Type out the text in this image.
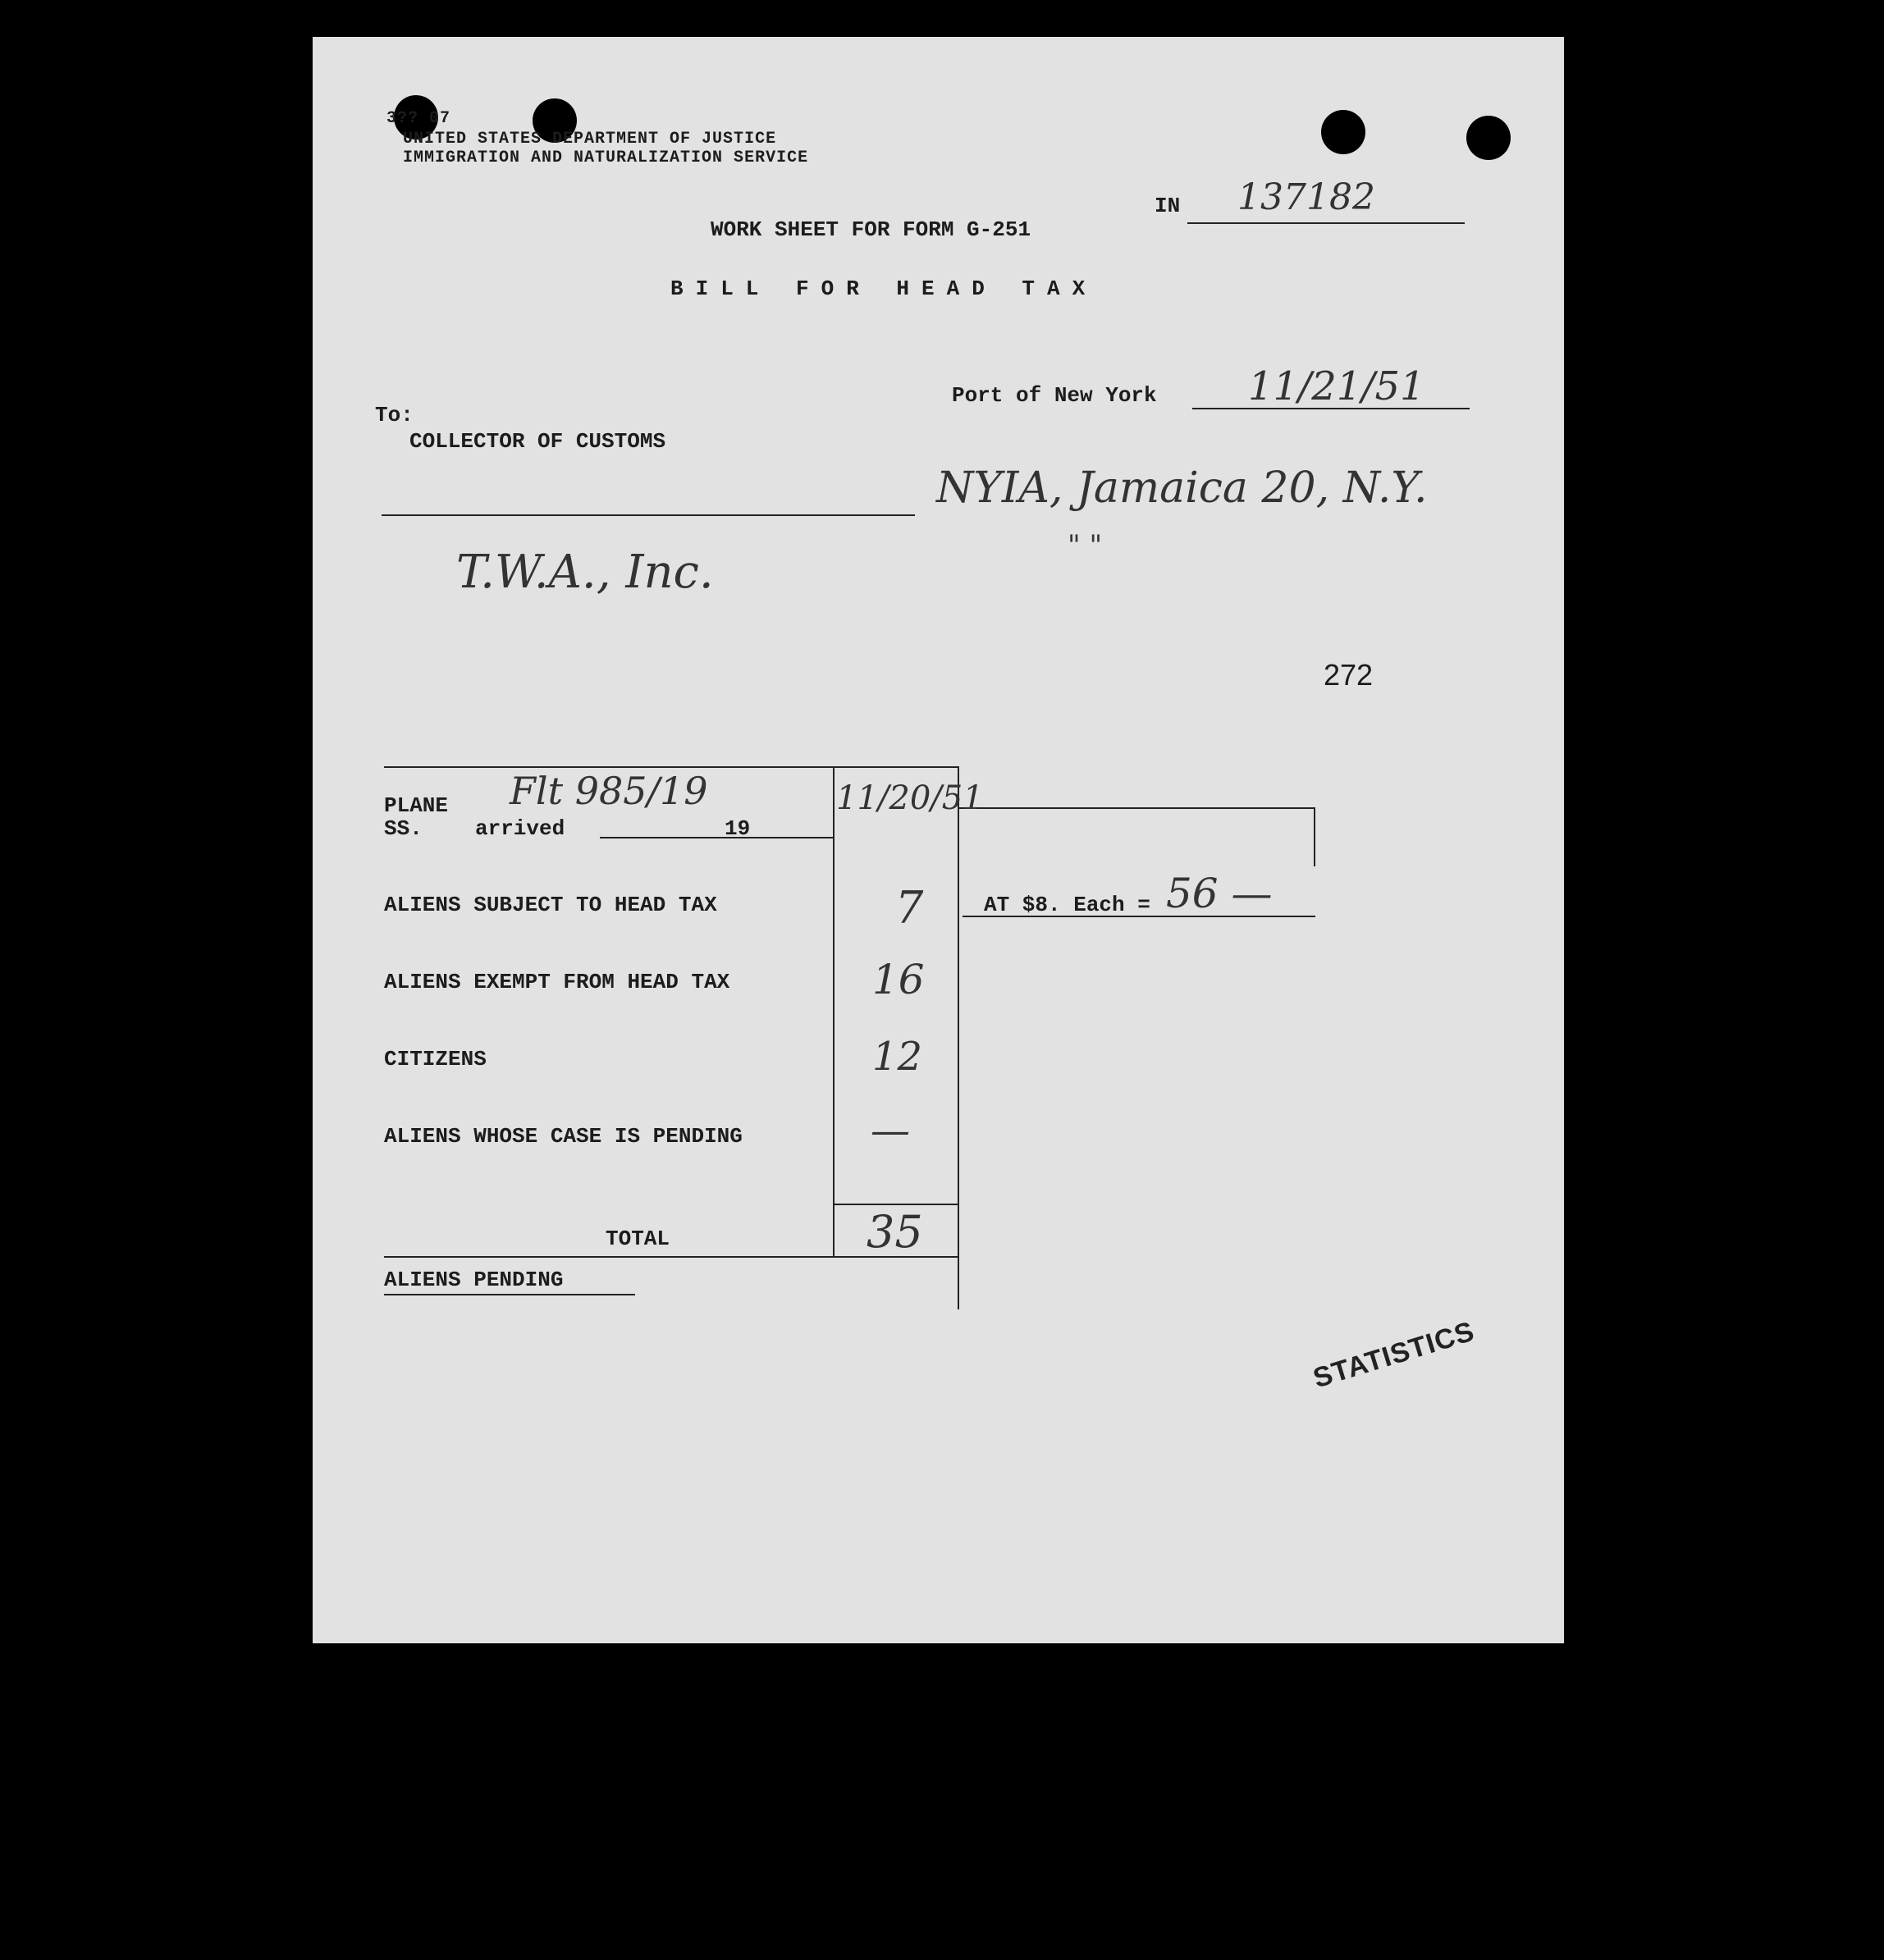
3?? 07
UNITED STATES DEPARTMENT OF JUSTICE
IMMIGRATION AND NATURALIZATION SERVICE
IN 137182
WORK SHEET FOR FORM G-251
BILL FOR HEAD TAX
Port of New York 11/21/51
To:
COLLECTOR OF CUSTOMS
NYIA, Jamaica 20, N.Y.
" "
T.W.A., Inc.
272
PLANE
SS. arrived	19
Flt 985/19	11/20/51
ALIENS SUBJECT TO HEAD TAX	7	AT $8. Each = 56 —
ALIENS EXEMPT FROM HEAD TAX	16
CITIZENS	12
ALIENS WHOSE CASE IS PENDING	—
TOTAL	35
ALIENS PENDING
STATISTICS
